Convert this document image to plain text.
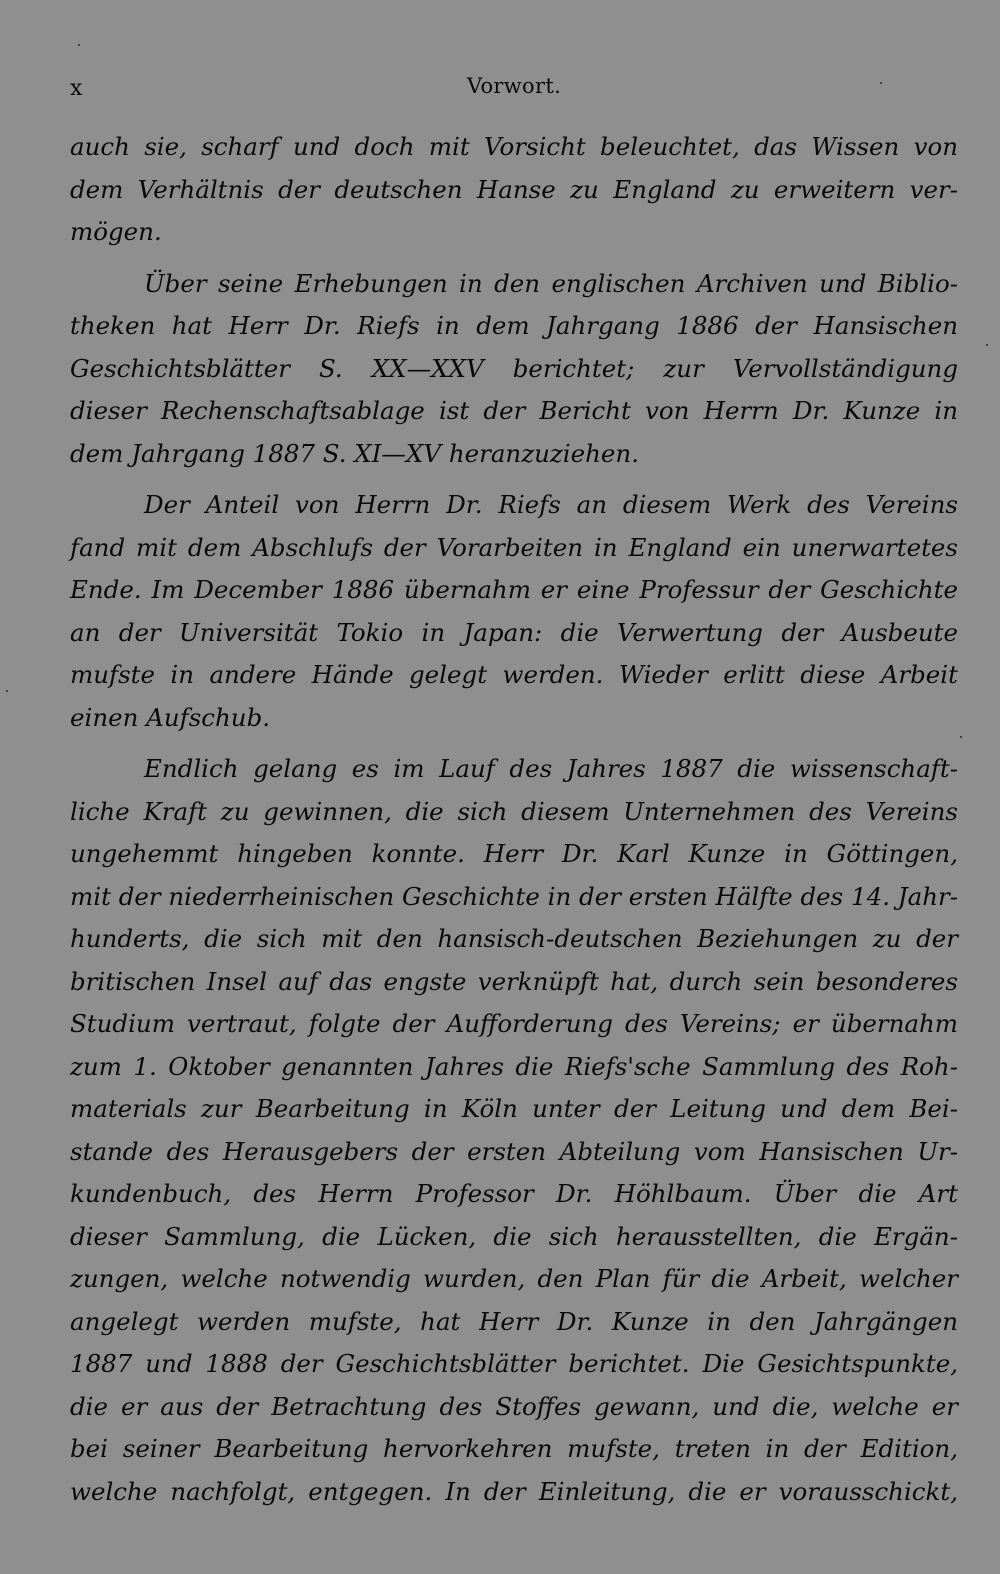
x	Vorwort.
auch sie, scharf und doch mit Vorsicht beleuchtet, das Wissen von
dem Verhältnis der deutschen Hanse zu England zu erweitern ver-
mögen.
Über seine Erhebungen in den englischen Archiven und Biblio-
theken hat Herr Dr. Riefs in dem Jahrgang 1886 der Hansischen
Geschichtsblätter S. XX—XXV berichtet; zur Vervollständigung
dieser Rechenschaftsablage ist der Bericht von Herrn Dr. Kunze in
dem Jahrgang 1887 S. XI—XV heranzuziehen.
Der Anteil von Herrn Dr. Riefs an diesem Werk des Vereins
fand mit dem Abschlufs der Vorarbeiten in England ein unerwartetes
Ende. Im December 1886 übernahm er eine Professur der Geschichte
an der Universität Tokio in Japan: die Verwertung der Ausbeute
mufste in andere Hände gelegt werden. Wieder erlitt diese Arbeit
einen Aufschub.
Endlich gelang es im Lauf des Jahres 1887 die wissenschaft-
liche Kraft zu gewinnen, die sich diesem Unternehmen des Vereins
ungehemmt hingeben konnte. Herr Dr. Karl Kunze in Göttingen,
mit der niederrheinischen Geschichte in der ersten Hälfte des 14. Jahr-
hunderts, die sich mit den hansisch-deutschen Beziehungen zu der
britischen Insel auf das engste verknüpft hat, durch sein besonderes
Studium vertraut, folgte der Aufforderung des Vereins; er übernahm
zum 1. Oktober genannten Jahres die Riefs'sche Sammlung des Roh-
materials zur Bearbeitung in Köln unter der Leitung und dem Bei-
stande des Herausgebers der ersten Abteilung vom Hansischen Ur-
kundenbuch, des Herrn Professor Dr. Höhlbaum. Über die Art
dieser Sammlung, die Lücken, die sich herausstellten, die Ergän-
zungen, welche notwendig wurden, den Plan für die Arbeit, welcher
angelegt werden mufste, hat Herr Dr. Kunze in den Jahrgängen
1887 und 1888 der Geschichtsblätter berichtet. Die Gesichtspunkte,
die er aus der Betrachtung des Stoffes gewann, und die, welche er
bei seiner Bearbeitung hervorkehren mufste, treten in der Edition,
welche nachfolgt, entgegen. In der Einleitung, die er vorausschickt,
